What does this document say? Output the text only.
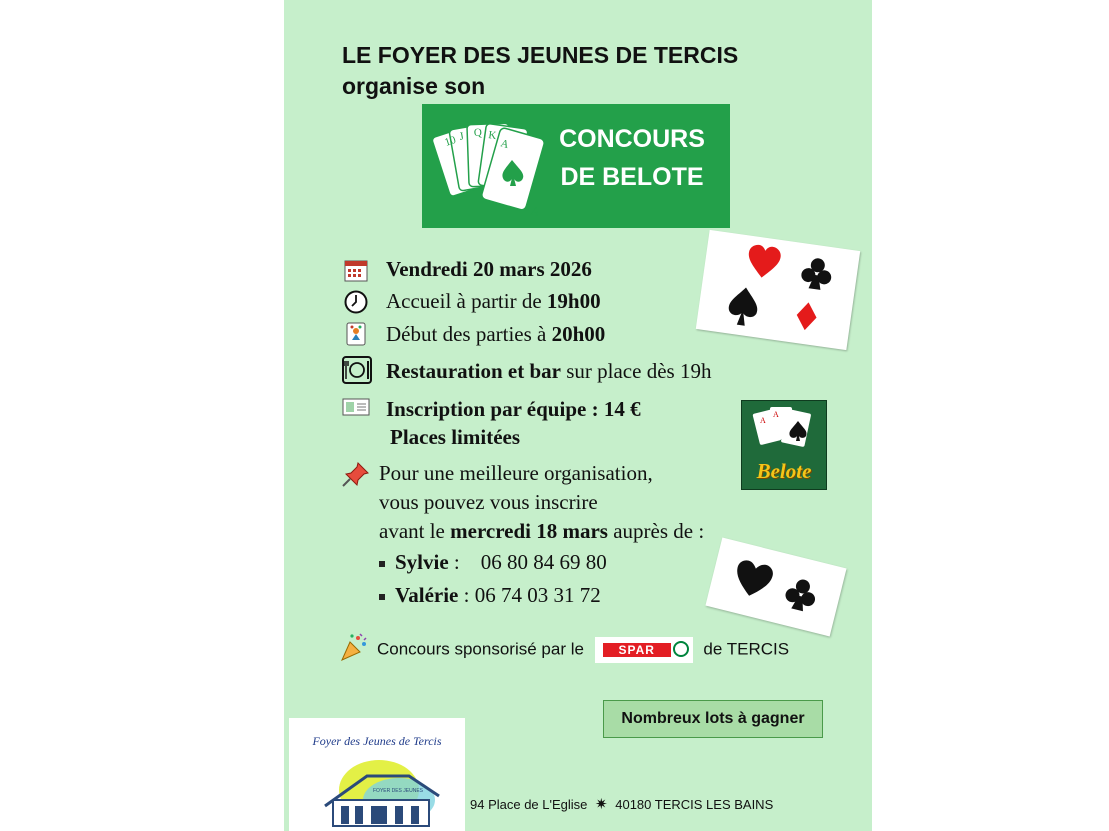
LE FOYER DES JEUNES DE TERCIS
organise son
A
10 J Q K
A	CONCOURS
DE BELOTE
A
A
Belote
Vendredi 20 mars 2026
Accueil à partir de 19h00
Début des parties à 20h00
Restauration et bar sur place dès 19h
Inscription par équipe : 14 €
Places limitées
Pour une meilleure organisation,
vous pouvez vous inscrire
avant le mercredi 18 mars auprès de :
Sylvie :    06 80 84 69 80
Valérie : 06 74 03 31 72
Concours sponsorisé par le	SPAR	de TERCIS
Nombreux lots à gagner
Foyer des Jeunes de Tercis
FOYER DES JEUNES
94 Place de L'Eglise ✷ 40180 TERCIS LES BAINS
